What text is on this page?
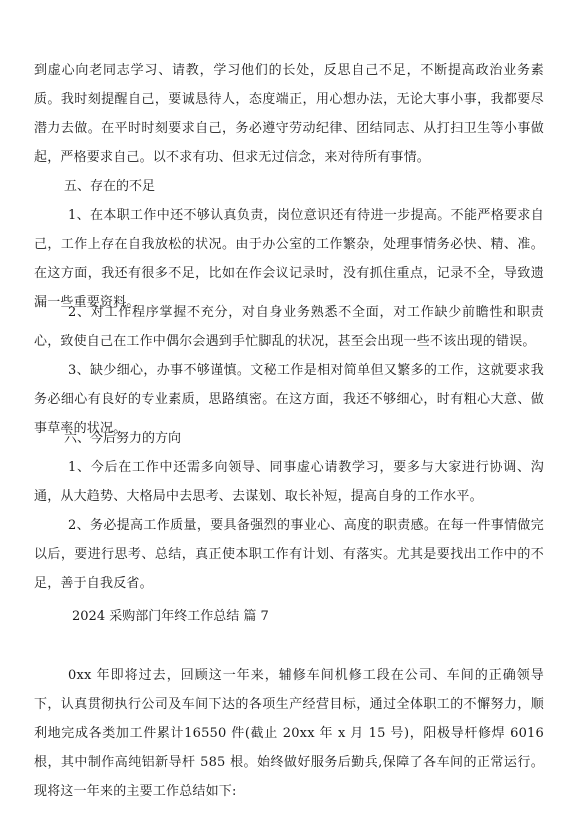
到虚心向老同志学习、请教，学习他们的长处，反思自己不足，不断提高政治业务素质。我时刻提醒自己，要诚恳待人，态度端正，用心想办法，无论大事小事，我都要尽潜力去做。在平时时刻要求自己，务必遵守劳动纪律、团结同志、从打扫卫生等小事做起，严格要求自己。以不求有功、但求无过信念，来对待所有事情。

五、存在的不足

1、在本职工作中还不够认真负责，岗位意识还有待进一步提高。不能严格要求自己，工作上存在自我放松的状况。由于办公室的工作繁杂，处理事情务必快、精、准。在这方面，我还有很多不足，比如在作会议记录时，没有抓住重点，记录不全，导致遗漏一些重要资料。

2、对工作程序掌握不充分，对自身业务熟悉不全面，对工作缺少前瞻性和职责心，致使自己在工作中偶尔会遇到手忙脚乱的状况，甚至会出现一些不该出现的错误。

3、缺少细心，办事不够谨慎。文秘工作是相对简单但又繁多的工作，这就要求我务必细心有良好的专业素质，思路缜密。在这方面，我还不够细心，时有粗心大意、做事草率的状况。

六、今后努力的方向

1、今后在工作中还需多向领导、同事虚心请教学习，要多与大家进行协调、沟通，从大趋势、大格局中去思考、去谋划、取长补短，提高自身的工作水平。

2、务必提高工作质量，要具备强烈的事业心、高度的职责感。在每一件事情做完以后，要进行思考、总结，真正使本职工作有计划、有落实。尤其是要找出工作中的不足，善于自我反省。

2024 采购部门年终工作总结 篇 7

0xx 年即将过去，回顾这一年来，辅修车间机修工段在公司、车间的正确领导下，认真贯彻执行公司及车间下达的各项生产经营目标，通过全体职工的不懈努力，顺利地完成各类加工件累计16550 件(截止 20xx 年 x 月 15 号)，阳极导杆修焊 6016 根，其中制作高纯铝新导杆 585 根。始终做好服务后勤兵,保障了各车间的正常运行。现将这一年来的主要工作总结如下:
